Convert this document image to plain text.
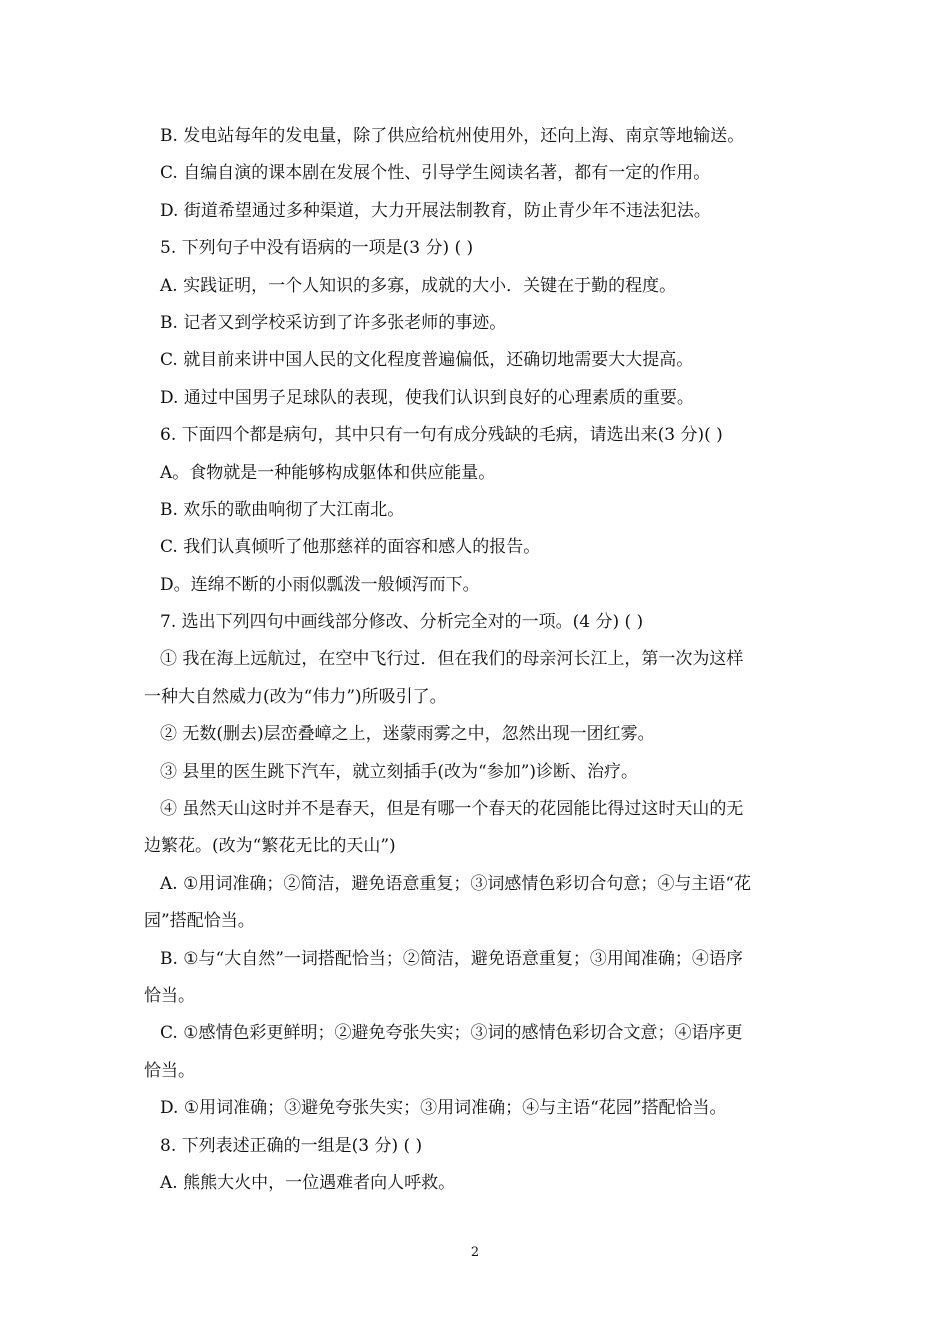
B. 发电站每年的发电量，除了供应给杭州使用外，还向上海、南京等地输送。
C. 自编自演的课本剧在发展个性、引导学生阅读名著，都有一定的作用。
D. 街道希望通过多种渠道，大力开展法制教育，防止青少年不违法犯法。
5. 下列句子中没有语病的一项是(3 分) ( )
A. 实践证明，一个人知识的多寡，成就的大小．关键在于勤的程度。
B. 记者又到学校采访到了许多张老师的事迹。
C. 就目前来讲中国人民的文化程度普遍偏低，还确切地需要大大提高。
D. 通过中国男子足球队的表现，使我们认识到良好的心理素质的重要。
6. 下面四个都是病句，其中只有一句有成分残缺的毛病，请选出来(3 分)( )
A。食物就是一种能够构成躯体和供应能量。
B. 欢乐的歌曲响彻了大江南北。
C. 我们认真倾听了他那慈祥的面容和感人的报告。
D。连绵不断的小雨似瓢泼一般倾泻而下。
7. 选出下列四句中画线部分修改、分析完全对的一项。(4 分) ( )
① 我在海上远航过，在空中飞行过．但在我们的母亲河长江上，第一次为这样
一种大自然威力(改为“伟力”)所吸引了。
② 无数(删去)层峦叠嶂之上，迷蒙雨雾之中，忽然出现一团红雾。
③ 县里的医生跳下汽车，就立刻插手(改为“参加”)诊断、治疗。
④ 虽然天山这时并不是春天，但是有哪一个春天的花园能比得过这时天山的无
边繁花。(改为“繁花无比的天山”)
A. ①用词准确；②简洁，避免语意重复；③词感情色彩切合句意；④与主语“花
园”搭配恰当。
B. ①与“大自然”一词搭配恰当；②简洁，避免语意重复；③用闻准确；④语序
恰当。
C. ①感情色彩更鲜明；②避免夸张失实；③词的感情色彩切合文意；④语序更
恰当。
D. ①用词准确；③避免夸张失实；③用词准确；④与主语“花园”搭配恰当。
8. 下列表述正确的一组是(3 分) ( )
A. 熊熊大火中，一位遇难者向人呼救。
2
